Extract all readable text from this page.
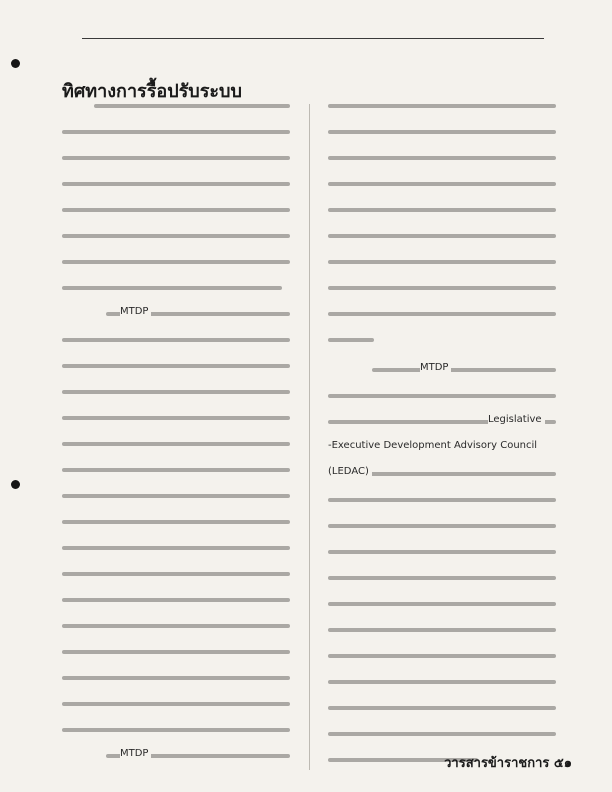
ทิศทางการรื้อปรับระบบ
MTDP
MTDP
MTDP
Legislative
-Executive Development Advisory Council
(LEDAC)
วารสารข้าราชการ ๕๑
